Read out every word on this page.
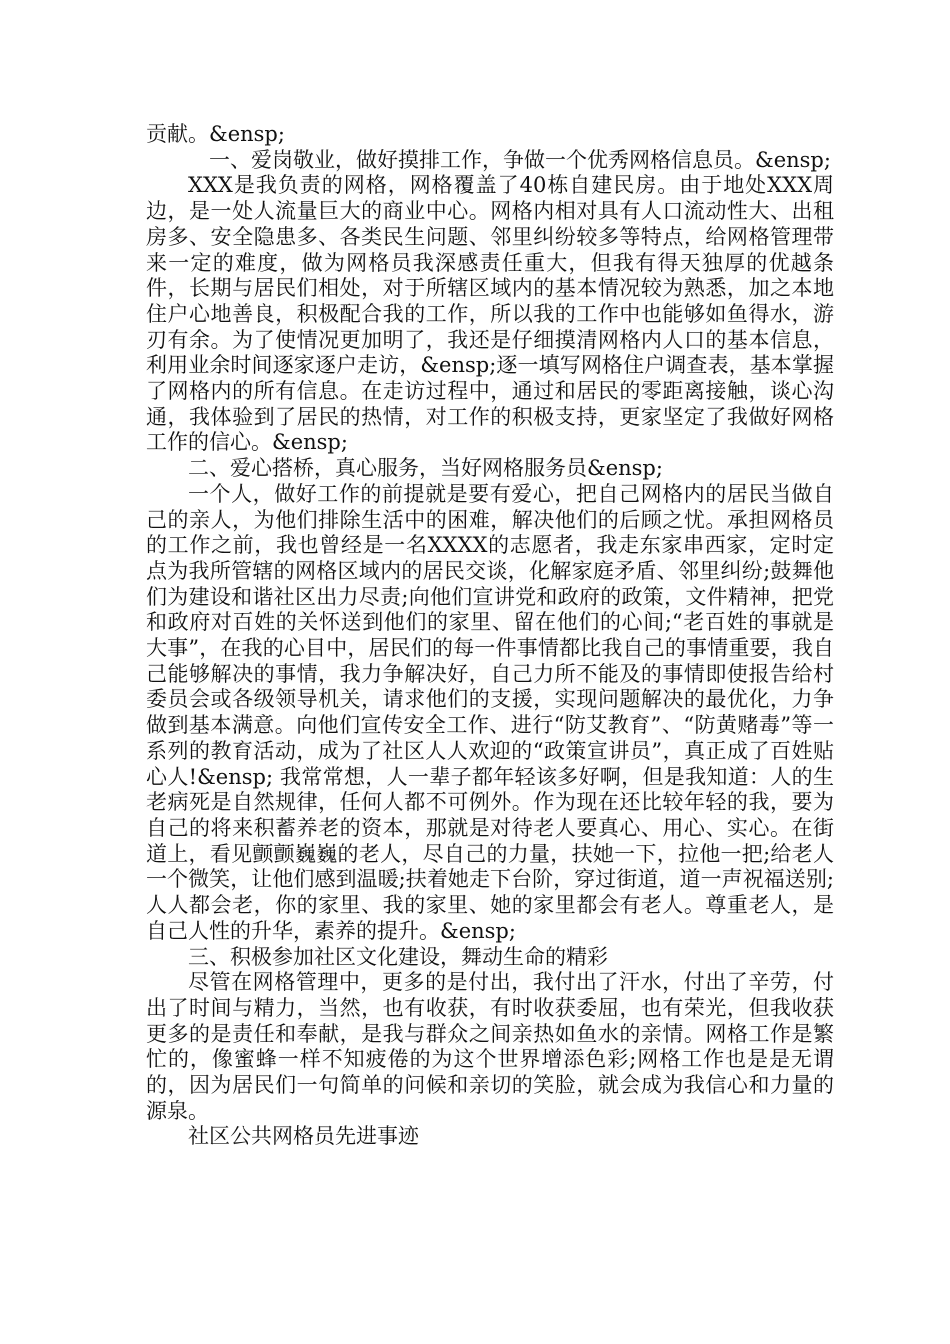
贡献。&ensp;

一、爱岗敬业，做好摸排工作，争做一个优秀网格信息员。&ensp;

XXX是我负责的网格，网格覆盖了40栋自建民房。由于地处XXX周边，是一处人流量巨大的商业中心。网格内相对具有人口流动性大、出租房多、安全隐患多、各类民生问题、邻里纠纷较多等特点，给网格管理带来一定的难度，做为网格员我深感责任重大，但我有得天独厚的优越条件，长期与居民们相处，对于所辖区域内的基本情况较为熟悉，加之本地住户心地善良，积极配合我的工作，所以我的工作中也能够如鱼得水，游刃有余。为了使情况更加明了，我还是仔细摸清网格内人口的基本信息，利用业余时间逐家逐户走访，&ensp;逐一填写网格住户调查表，基本掌握了网格内的所有信息。在走访过程中，通过和居民的零距离接触，谈心沟通，我体验到了居民的热情，对工作的积极支持，更家坚定了我做好网格工作的信心。&ensp;

二、爱心搭桥，真心服务，当好网格服务员&ensp;

一个人，做好工作的前提就是要有爱心，把自己网格内的居民当做自己的亲人，为他们排除生活中的困难，解决他们的后顾之忧。承担网格员的工作之前，我也曾经是一名XXXX的志愿者，我走东家串西家，定时定点为我所管辖的网格区域内的居民交谈，化解家庭矛盾、邻里纠纷;鼓舞他们为建设和谐社区出力尽责;向他们宣讲党和政府的政策，文件精神，把党和政府对百姓的关怀送到他们的家里、留在他们的心间;“老百姓的事就是大事”，在我的心目中，居民们的每一件事情都比我自己的事情重要，我自己能够解决的事情，我力争解决好，自己力所不能及的事情即使报告给村委员会或各级领导机关，请求他们的支援，实现问题解决的最优化，力争做到基本满意。向他们宣传安全工作、进行“防艾教育”、“防黄赌毒”等一系列的教育活动，成为了社区人人欢迎的“政策宣讲员”，真正成了百姓贴心人!&ensp; 我常常想，人一辈子都年轻该多好啊，但是我知道：人的生老病死是自然规律，任何人都不可例外。作为现在还比较年轻的我，要为自己的将来积蓄养老的资本，那就是对待老人要真心、用心、实心。在街道上，看见颤颤巍巍的老人，尽自己的力量，扶她一下，拉他一把;给老人一个微笑，让他们感到温暖;扶着她走下台阶，穿过街道，道一声祝福送别;人人都会老，你的家里、我的家里、她的家里都会有老人。尊重老人，是自己人性的升华，素养的提升。&ensp;

三、积极参加社区文化建设，舞动生命的精彩

尽管在网格管理中，更多的是付出，我付出了汗水，付出了辛劳，付出了时间与精力，当然，也有收获，有时收获委屈，也有荣光，但我收获更多的是责任和奉献，是我与群众之间亲热如鱼水的亲情。网格工作是繁忙的，像蜜蜂一样不知疲倦的为这个世界增添色彩;网格工作也是是无谓的，因为居民们一句简单的问候和亲切的笑脸，就会成为我信心和力量的源泉。

社区公共网格员先进事迹
